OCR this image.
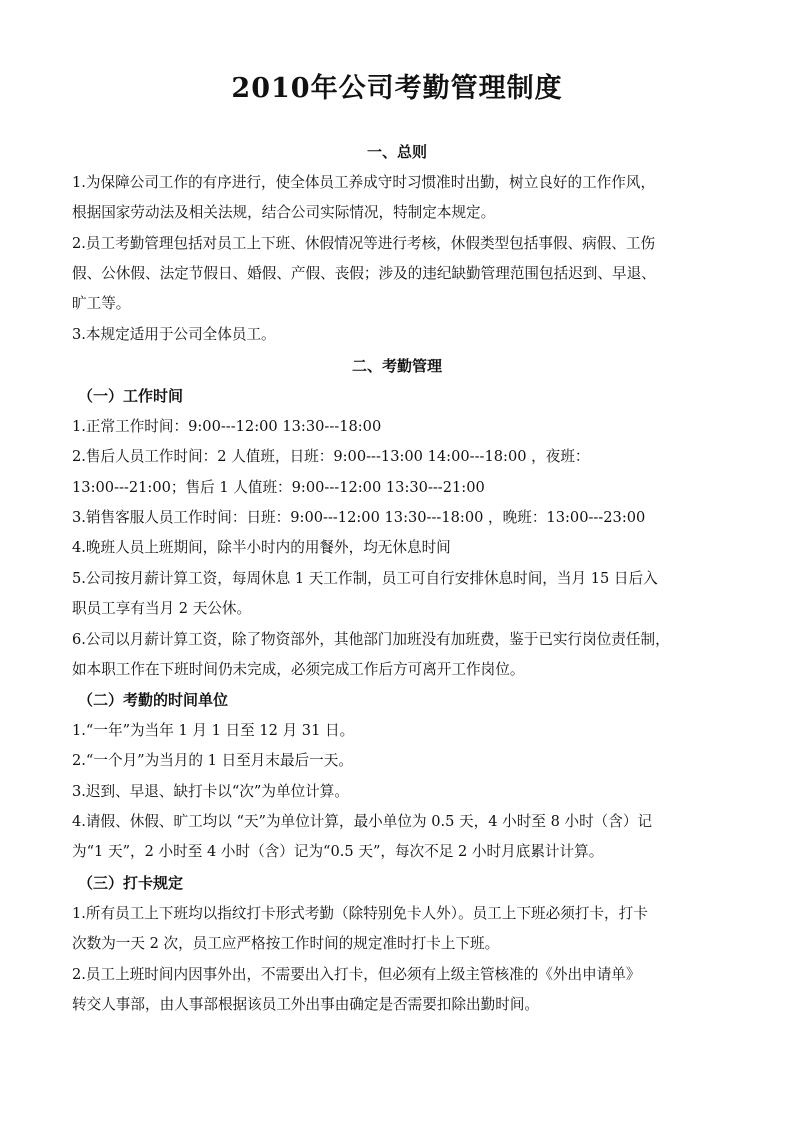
2010年公司考勤管理制度
一、总则
1.为保障公司工作的有序进行，使全体员工养成守时习惯准时出勤，树立良好的工作作风，
根据国家劳动法及相关法规，结合公司实际情况，特制定本规定。
2.员工考勤管理包括对员工上下班、休假情况等进行考核，休假类型包括事假、病假、工伤
假、公休假、法定节假日、婚假、产假、丧假；涉及的违纪缺勤管理范围包括迟到、早退、
旷工等。
3.本规定适用于公司全体员工。
二、考勤管理
（一）工作时间
1.正常工作时间：9:00---12:00 13:30---18:00
2.售后人员工作时间：2 人值班，日班：9:00---13:00 14:00---18:00 ，夜班：
13:00---21:00；售后 1 人值班：9:00---12:00 13:30---21:00
3.销售客服人员工作时间：日班：9:00---12:00 13:30---18:00 ，晚班：13:00---23:00
4.晚班人员上班期间，除半小时内的用餐外，均无休息时间
5.公司按月薪计算工资，每周休息 1 天工作制，员工可自行安排休息时间，当月 15 日后入
职员工享有当月 2 天公休。
6.公司以月薪计算工资，除了物资部外，其他部门加班没有加班费，鉴于已实行岗位责任制，
如本职工作在下班时间仍未完成，必须完成工作后方可离开工作岗位。
（二）考勤的时间单位
1.“一年”为当年 1 月 1 日至 12 月 31 日。
2.“一个月”为当月的 1 日至月末最后一天。
3.迟到、早退、缺打卡以“次”为单位计算。
4.请假、休假、旷工均以 “天”为单位计算，最小单位为 0.5 天，4 小时至 8 小时（含）记
为“1 天”，2 小时至 4 小时（含）记为“0.5 天”，每次不足 2 小时月底累计计算。
（三）打卡规定
1.所有员工上下班均以指纹打卡形式考勤（除特别免卡人外）。员工上下班必须打卡，打卡
次数为一天 2 次，员工应严格按工作时间的规定准时打卡上下班。
2.员工上班时间内因事外出，不需要出入打卡，但必须有上级主管核准的《外出申请单》
转交人事部，由人事部根据该员工外出事由确定是否需要扣除出勤时间。
